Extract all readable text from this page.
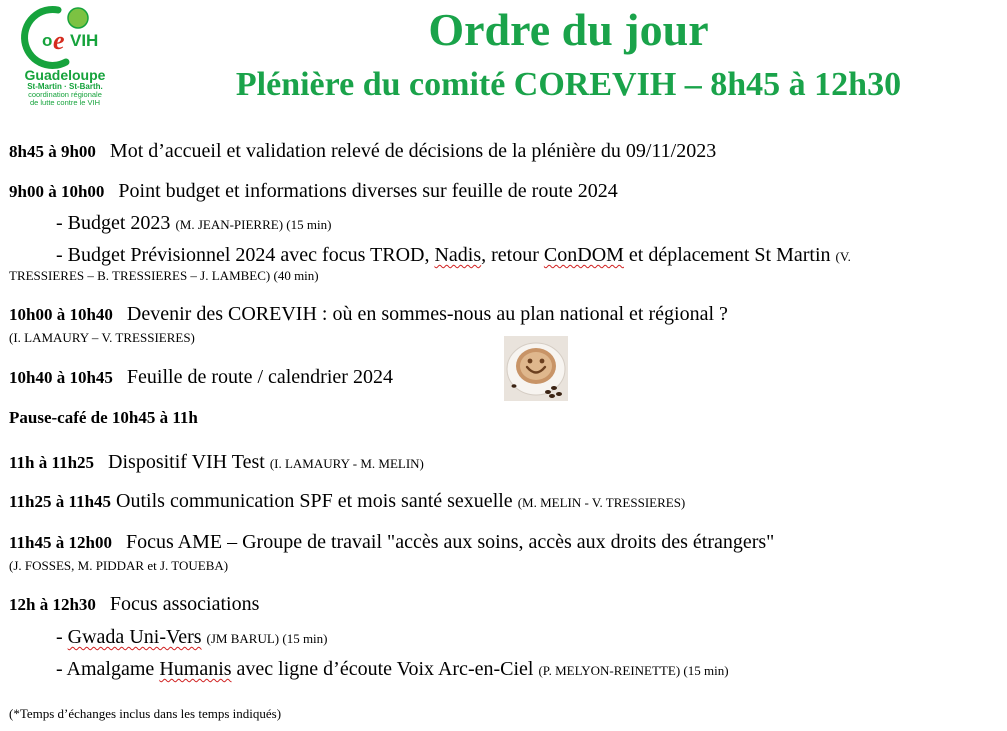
o e VIH
Guadeloupe
St-Martin · St-Barth.
coordination régionale
de lutte contre le VIH
Ordre du jour
Plénière du comité COREVIH – 8h45 à 12h30
8h45 à 9h00 Mot d’accueil et validation relevé de décisions de la plénière du 09/11/2023
9h00 à 10h00 Point budget et informations diverses sur feuille de route 2024
- Budget 2023 (M. JEAN-PIERRE) (15 min)
- Budget Prévisionnel 2024 avec focus TROD, Nadis, retour ConDOM et déplacement St Martin (V.
TRESSIERES – B. TRESSIERES – J. LAMBEC) (40 min)
10h00 à 10h40 Devenir des COREVIH : où en sommes-nous au plan national et régional ?
(I. LAMAURY – V. TRESSIERES)
10h40 à 10h45 Feuille de route / calendrier 2024
Pause-café de 10h45 à 11h
11h à 11h25 Dispositif VIH Test (I. LAMAURY - M. MELIN)
11h25 à 11h45 Outils communication SPF et mois santé sexuelle (M. MELIN - V. TRESSIERES)
11h45 à 12h00 Focus AME – Groupe de travail "accès aux soins, accès aux droits des étrangers"
(J. FOSSES, M. PIDDAR et J. TOUEBA)
12h à 12h30 Focus associations
- Gwada Uni-Vers (JM BARUL) (15 min)
- Amalgame Humanis avec ligne d’écoute Voix Arc-en-Ciel (P. MELYON-REINETTE) (15 min)
(*Temps d’échanges inclus dans les temps indiqués)
